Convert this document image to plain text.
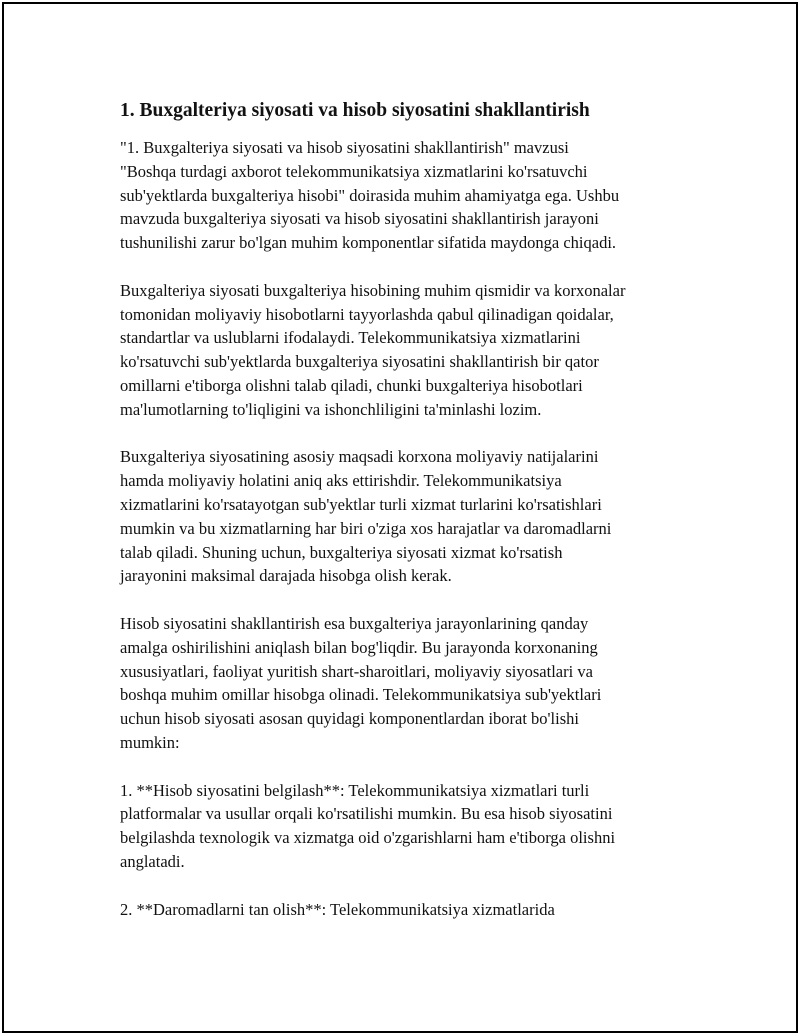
1. Buxgalteriya siyosati va hisob siyosatini shakllantirish

"1. Buxgalteriya siyosati va hisob siyosatini shakllantirish" mavzusi
"Boshqa turdagi axborot telekommunikatsiya xizmatlarini ko'rsatuvchi
sub'yektlarda buxgalteriya hisobi" doirasida muhim ahamiyatga ega. Ushbu
mavzuda buxgalteriya siyosati va hisob siyosatini shakllantirish jarayoni
tushunilishi zarur bo'lgan muhim komponentlar sifatida maydonga chiqadi.

Buxgalteriya siyosati buxgalteriya hisobining muhim qismidir va korxonalar
tomonidan moliyaviy hisobotlarni tayyorlashda qabul qilinadigan qoidalar,
standartlar va uslublarni ifodalaydi. Telekommunikatsiya xizmatlarini
ko'rsatuvchi sub'yektlarda buxgalteriya siyosatini shakllantirish bir qator
omillarni e'tiborga olishni talab qiladi, chunki buxgalteriya hisobotlari
ma'lumotlarning to'liqligini va ishonchliligini ta'minlashi lozim.

Buxgalteriya siyosatining asosiy maqsadi korxona moliyaviy natijalarini
hamda moliyaviy holatini aniq aks ettirishdir. Telekommunikatsiya
xizmatlarini ko'rsatayotgan sub'yektlar turli xizmat turlarini ko'rsatishlari
mumkin va bu xizmatlarning har biri o'ziga xos harajatlar va daromadlarni
talab qiladi. Shuning uchun, buxgalteriya siyosati xizmat ko'rsatish
jarayonini maksimal darajada hisobga olish kerak.

Hisob siyosatini shakllantirish esa buxgalteriya jarayonlarining qanday
amalga oshirilishini aniqlash bilan bog'liqdir. Bu jarayonda korxonaning
xususiyatlari, faoliyat yuritish shart-sharoitlari, moliyaviy siyosatlari va
boshqa muhim omillar hisobga olinadi. Telekommunikatsiya sub'yektlari
uchun hisob siyosati asosan quyidagi komponentlardan iborat bo'lishi
mumkin:

1. **Hisob siyosatini belgilash**: Telekommunikatsiya xizmatlari turli
platformalar va usullar orqali ko'rsatilishi mumkin. Bu esa hisob siyosatini
belgilashda texnologik va xizmatga oid o'zgarishlarni ham e'tiborga olishni
anglatadi.

2. **Daromadlarni tan olish**: Telekommunikatsiya xizmatlarida
